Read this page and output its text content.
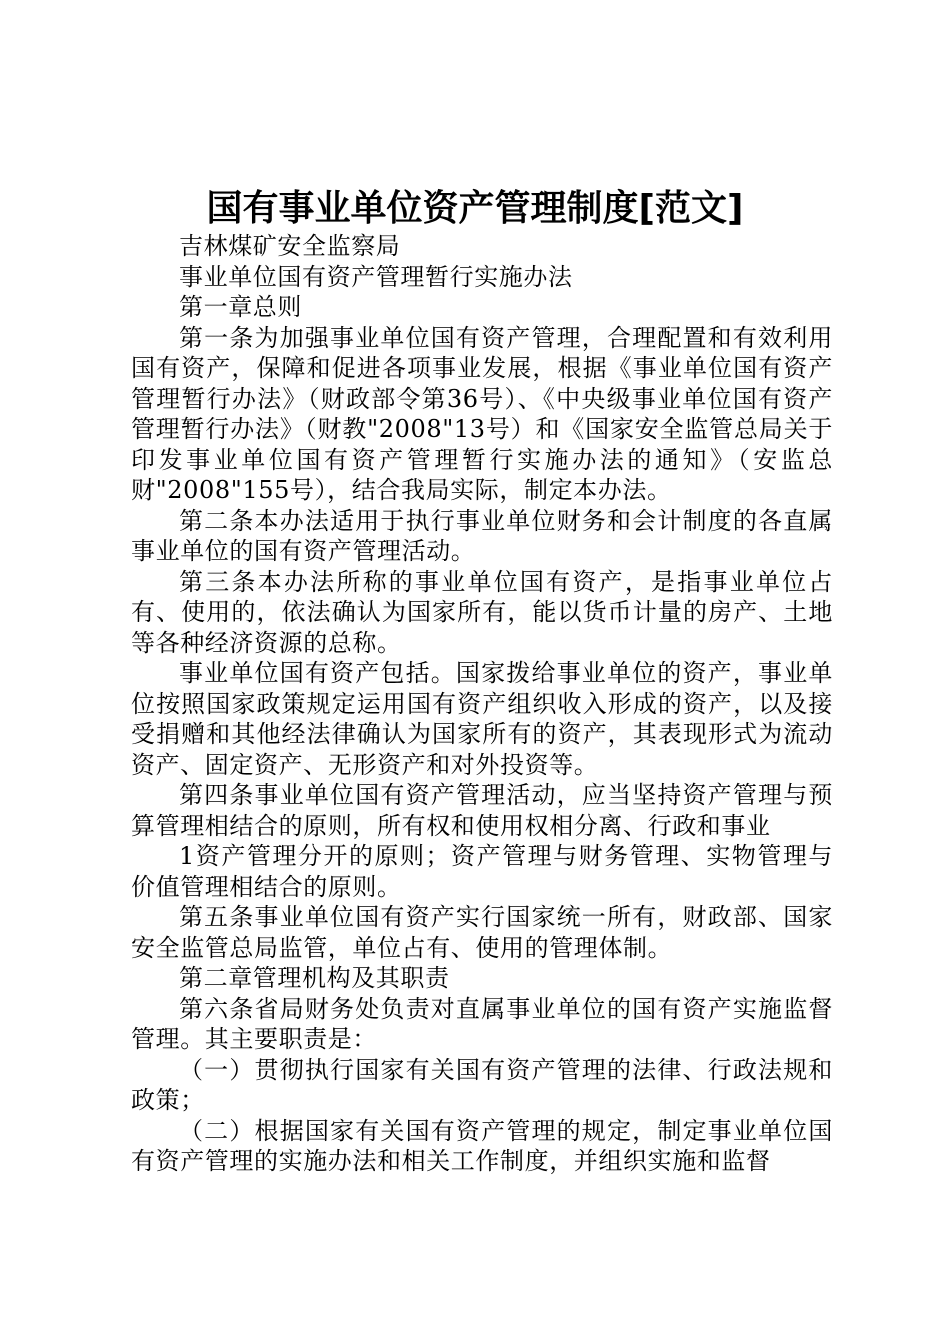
国有事业单位资产管理制度[范文]

吉林煤矿安全监察局

事业单位国有资产管理暂行实施办法

第一章总则

第一条为加强事业单位国有资产管理，合理配置和有效利用国有资产，保障和促进各项事业发展，根据《事业单位国有资产管理暂行办法》（财政部令第36号）、《中央级事业单位国有资产管理暂行办法》（财教"2008"13号）和《国家安全监管总局关于印发事业单位国有资产管理暂行实施办法的通知》（安监总财"2008"155号），结合我局实际，制定本办法。

第二条本办法适用于执行事业单位财务和会计制度的各直属事业单位的国有资产管理活动。

第三条本办法所称的事业单位国有资产，是指事业单位占有、使用的，依法确认为国家所有，能以货币计量的房产、土地等各种经济资源的总称。

事业单位国有资产包括。国家拨给事业单位的资产，事业单位按照国家政策规定运用国有资产组织收入形成的资产，以及接受捐赠和其他经法律确认为国家所有的资产，其表现形式为流动资产、固定资产、无形资产和对外投资等。

第四条事业单位国有资产管理活动，应当坚持资产管理与预算管理相结合的原则，所有权和使用权相分离、行政和事业

1资产管理分开的原则；资产管理与财务管理、实物管理与价值管理相结合的原则。

第五条事业单位国有资产实行国家统一所有，财政部、国家安全监管总局监管，单位占有、使用的管理体制。

第二章管理机构及其职责

第六条省局财务处负责对直属事业单位的国有资产实施监督管理。其主要职责是：

（一）贯彻执行国家有关国有资产管理的法律、行政法规和政策；

（二）根据国家有关国有资产管理的规定，制定事业单位国有资产管理的实施办法和相关工作制度，并组织实施和监督
